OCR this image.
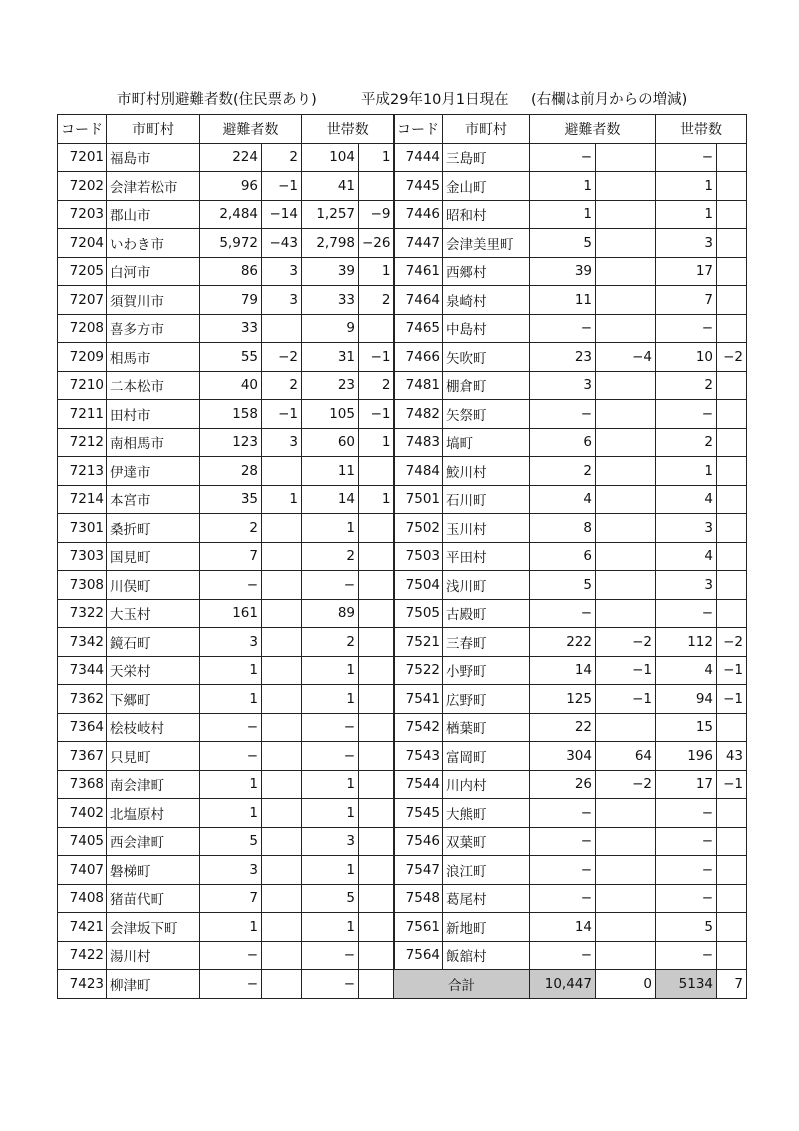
市町村別避難者数(住民票あり)	平成29年10月1日現在 (右欄は前月からの増減)
コード	市町村	避難者数		世帯数	
7201	福島市	224	2	104	1
7202	会津若松市	96	−1	41	
7203	郡山市	2,484	−14	1,257	−9
7204	いわき市	5,972	−43	2,798	−26
7205	白河市	86	3	39	1
7207	須賀川市	79	3	33	2
7208	喜多方市	33		9	
7209	相馬市	55	−2	31	−1
7210	二本松市	40	2	23	2
7211	田村市	158	−1	105	−1
7212	南相馬市	123	3	60	1
7213	伊達市	28		11	
7214	本宮市	35	1	14	1
7301	桑折町	2		1	
7303	国見町	7		2	
7308	川俣町	−		−	
7322	大玉村	161		89	
7342	鏡石町	3		2	
7344	天栄村	1		1	
7362	下郷町	1		1	
7364	桧枝岐村	−		−	
7367	只見町	−		−	
7368	南会津町	1		1	
7402	北塩原村	1		1	
7405	西会津町	5		3	
7407	磐梯町	3		1	
7408	猪苗代町	7		5	
7421	会津坂下町	1		1	
7422	湯川村	−		−	
7423	柳津町	−		−	
コード	市町村	避難者数		世帯数	
7444	三島町	−		−	
7445	金山町	1		1	
7446	昭和村	1		1	
7447	会津美里町	5		3	
7461	西郷村	39		17	
7464	泉崎村	11		7	
7465	中島村	−		−	
7466	矢吹町	23	−4	10	−2
7481	棚倉町	3		2	
7482	矢祭町	−		−	
7483	塙町	6		2	
7484	鮫川村	2		1	
7501	石川町	4		4	
7502	玉川村	8		3	
7503	平田村	6		4	
7504	浅川町	5		3	
7505	古殿町	−		−	
7521	三春町	222	−2	112	−2
7522	小野町	14	−1	4	−1
7541	広野町	125	−1	94	−1
7542	楢葉町	22		15	
7543	富岡町	304	64	196	43
7544	川内村	26	−2	17	−1
7545	大熊町	−		−	
7546	双葉町	−		−	
7547	浪江町	−		−	
7548	葛尾村	−		−	
7561	新地町	14		5	
7564	飯舘村	−		−	
合計		10,447	0	5134	7
